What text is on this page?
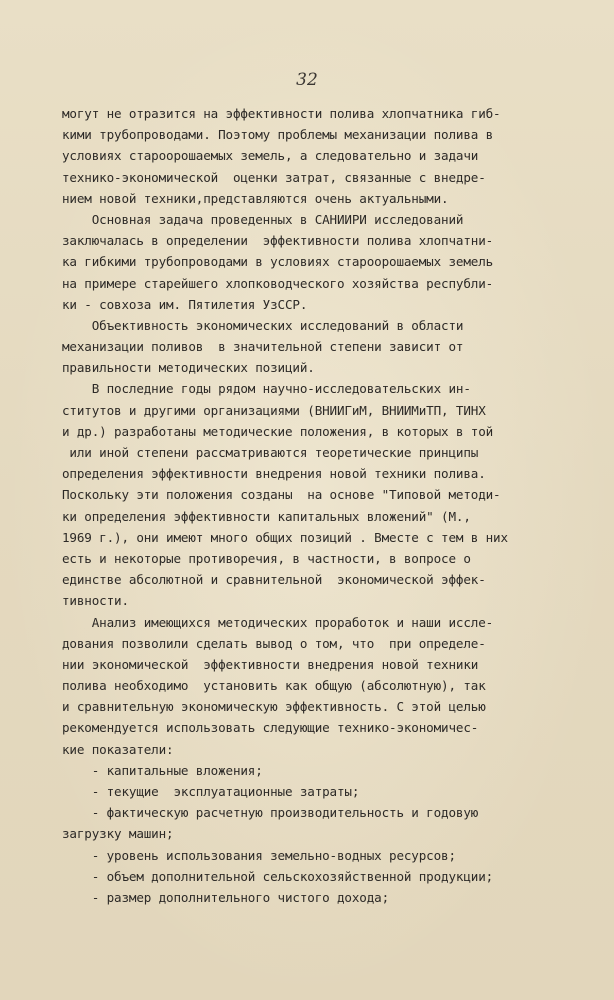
32
могут не отразится на эффективности полива хлопчатника гиб-
кими трубопроводами. Поэтому проблемы механизации полива в
условиях староорошаемых земель, а следовательно и задачи
технико-экономической  оценки затрат, связанные с внедре-
нием новой техники,представляются очень актуальными.
Основная задача проведенных в САНИИРИ исследований
заключалась в определении  эффективности полива хлопчатни-
ка гибкими трубопроводами в условиях староорошаемых земель
на примере старейшего хлопководческого хозяйства республи-
ки - совхоза им. Пятилетия УзССР.
Объективность экономических исследований в области
механизации поливов  в значительной степени зависит от
правильности методических позиций.
В последние годы рядом научно-исследовательских ин-
ститутов и другими организациями (ВНИИГиМ, ВНИИМиТП, ТИНХ
и др.) разработаны методические положения, в которых в той
или иной степени рассматриваются теоретические принципы
определения эффективности внедрения новой техники полива.
Поскольку эти положения созданы  на основе "Типовой методи-
ки определения эффективности капитальных вложений" (М.,
1969 г.), они имеют много общих позиций . Вместе с тем в них
есть и некоторые противоречия, в частности, в вопросе о
единстве абсолютной и сравнительной  экономической эффек-
тивности.
Анализ имеющихся методических проработок и наши иссле-
дования позволили сделать вывод о том, что  при определе-
нии экономической  эффективности внедрения новой техники
полива необходимо  установить как общую (абсолютную), так
и сравнительную экономическую эффективность. С этой целью
рекомендуется использовать следующие технико-экономичес-
кие показатели:
- капитальные вложения;
- текущие  эксплуатационные затраты;
- фактическую расчетную производительность и годовую
загрузку машин;
- уровень использования земельно-водных ресурсов;
- объем дополнительной сельскохозяйственной продукции;
- размер дополнительного чистого дохода;
